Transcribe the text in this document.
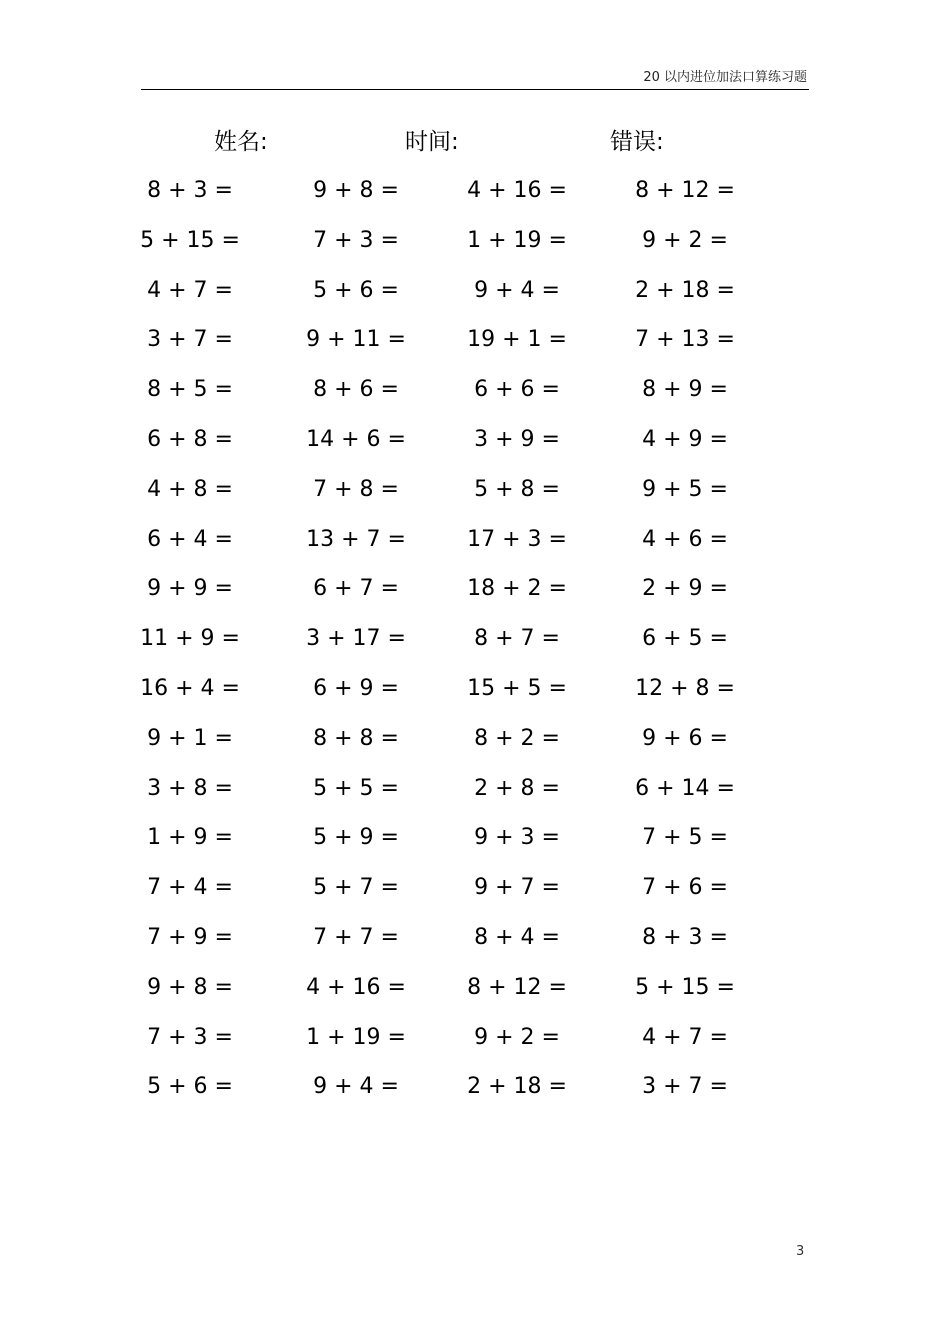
20 以内进位加法口算练习题
姓名:	时间:	错误:
8 + 3 =	9 + 8 =	4 + 16 =	8 + 12 =
5 + 15 =	7 + 3 =	1 + 19 =	9 + 2 =
4 + 7 =	5 + 6 =	9 + 4 =	2 + 18 =
3 + 7 =	9 + 11 =	19 + 1 =	7 + 13 =
8 + 5 =	8 + 6 =	6 + 6 =	8 + 9 =
6 + 8 =	14 + 6 =	3 + 9 =	4 + 9 =
4 + 8 =	7 + 8 =	5 + 8 =	9 + 5 =
6 + 4 =	13 + 7 =	17 + 3 =	4 + 6 =
9 + 9 =	6 + 7 =	18 + 2 =	2 + 9 =
11 + 9 =	3 + 17 =	8 + 7 =	6 + 5 =
16 + 4 =	6 + 9 =	15 + 5 =	12 + 8 =
9 + 1 =	8 + 8 =	8 + 2 =	9 + 6 =
3 + 8 =	5 + 5 =	2 + 8 =	6 + 14 =
1 + 9 =	5 + 9 =	9 + 3 =	7 + 5 =
7 + 4 =	5 + 7 =	9 + 7 =	7 + 6 =
7 + 9 =	7 + 7 =	8 + 4 =	8 + 3 =
9 + 8 =	4 + 16 =	8 + 12 =	5 + 15 =
7 + 3 =	1 + 19 =	9 + 2 =	4 + 7 =
5 + 6 =	9 + 4 =	2 + 18 =	3 + 7 =
3
